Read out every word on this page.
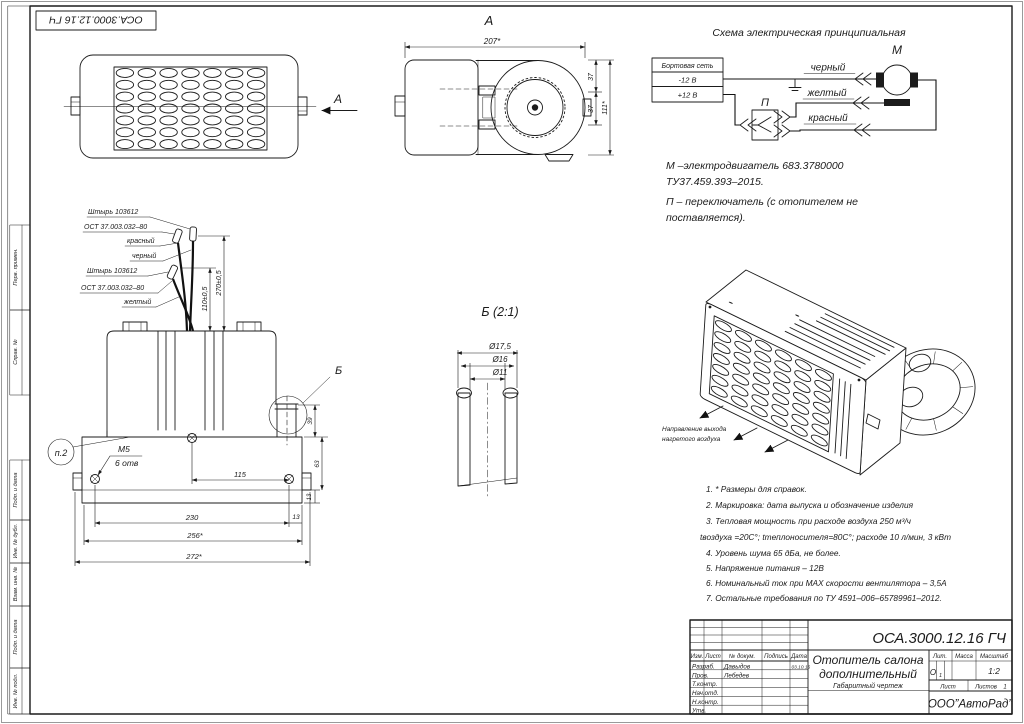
ОСА.3000.12.16 ГЧ
Перв. примен.
Справ. №
Подп. и дата
Инв. № дубл.
Взам. инв. №
Подп. и дата
Инв. № подл.
А
А
207*
37
37 111*
Схема электрическая принципиальная
Бортовая сеть
-12 В
+12 В
черный
М
П
желтый
красный
М –электродвигатель 683.3780000
ТУ37.459.393–2015.
П – переключатель (с отопителем не
поставляется).
Штырь 103612
ОСТ 37.003.032–80
красный
черный
Штырь 103612
ОСТ 37.003.032–80
желтый	110±0,5
270±0,5
Б
п.2	М5
6 отв
115
230	13
256*
272*
39
63
13
Б (2:1)
Ø17,5
Ø16
Ø11
Направление выхода
нагретого воздуха
1. * Размеры для справок.
2. Маркировка: дата выпуска и обозначение изделия
3. Тепловая мощность при расходе воздуха 250 м³/ч
tвоздуха =20С°; tтеплоносителя=80С°; расходе 10 л/мин, 3 кВт
4. Уровень шума 65 дБа, не более.
5. Напряжение питания – 12В
6. Номинальный ток при MAX скорости вентилятора – 3,5А
7. Остальные требования по ТУ 4591–006–65789961–2012.
Изм. Лист № докум. Подпись Дата
Разраб. Давыдов	03.10.16
Пров. Лебедев
Т.контр.
Нач.отд.
Н.контр.
Утв.
ОСА.3000.12.16 ГЧ
Отопитель салона
дополнительный
Габаритный чертеж
Лит. Масса Масштаб
О 1	1:2
Лист	Листов 1
ООО”АвтоРад”
